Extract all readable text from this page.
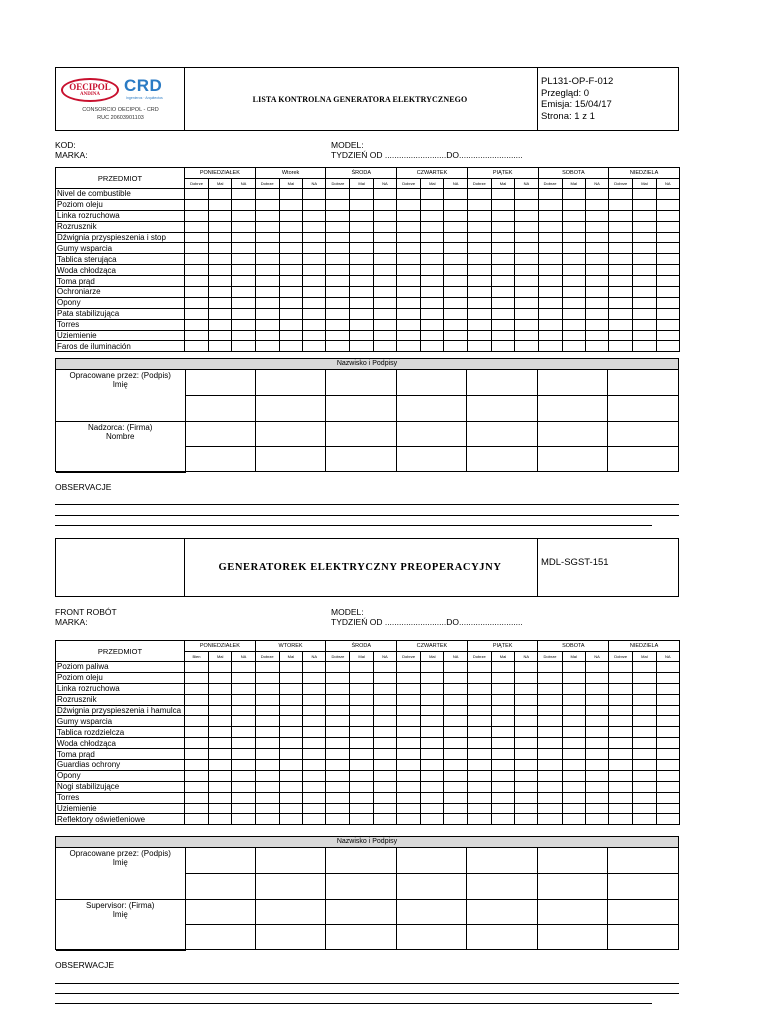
OECIPOL
ANDINA CRD
Ingenieros · Arquitectos
CONSORCIO OECIPOL - CRD
RUC 20603901103
LISTA KONTROLNA GENERATORA ELEKTRYCZNEGO
PL131-OP-F-012
Przegląd: 0
Emisja: 15/04/17
Strona: 1 z 1
KOD:
MARKA:
MODEL:
TYDZIEŃ OD ..........................DO...........................
PRZEDMIOT	PONIEDZIAŁEK			Wtorek			ŚRODA			CZWARTEK			PIĄTEK			SOBOTA			NIEDZIELA		
	Dobrze	Mal	NA	Dobrze	Mal	NA	Dobrze	Mal	NA	Dobrze	Mal	NA	Dobrze	Mal	NA	Dobrze	Mal	NA	Dobrze	Mal	NA
Nivel de combustible																					
Poziom oleju																					
Linka rozruchowa																					
Rozrusznik																					
Dźwignia przyspieszenia i stop																					
Gumy wsparcia																					
Tablica sterująca																					
Woda chłodząca																					
Toma prąd																					
Ochroniarze																					
Opony																					
Pata stabilizująca																					
Torres																					
Uziemienie																					
Faros de iluminación																					
Nazwisko i Podpisy
Opracowane przez: (Podpis)
Imię							

Nadzorca: (Firma)
Nombre							

OBSERVACJE
GENERATOREK ELEKTRYCZNY PREOPERACYJNY	MDL-SGST-151
FRONT ROBÓT
MARKA:
MODEL:
TYDZIEŃ OD ..........................DO...........................
PRZEDMIOT	PONIEDZIAŁEK			WTOREK			ŚRODA			CZWARTEK			PIĄTEK			SOBOTA			NIEDZIELA		
	Bien	Mal	NA	Dobrze	Mal	NA	Dobrze	Mal	NA	Dobrze	Mal	NA	Dobrze	Mal	NA	Dobrze	Mal	NA	Dobrze	Mal	NA
Poziom paliwa																					
Poziom oleju																					
Linka rozruchowa																					
Rozrusznik																					
Dźwignia przyspieszenia i hamulca																					
Gumy wsparcia																					
Tablica rozdzielcza																					
Woda chłodząca																					
Toma prąd																					
Guardias ochrony																					
Opony																					
Nogi stabilizujące																					
Torres																					
Uziemienie																					
Reflektory oświetleniowe																					
Nazwisko i Podpisy
Opracowane przez: (Podpis)
Imię							

Supervisor: (Firma)
Imię							

OBSERWACJE
